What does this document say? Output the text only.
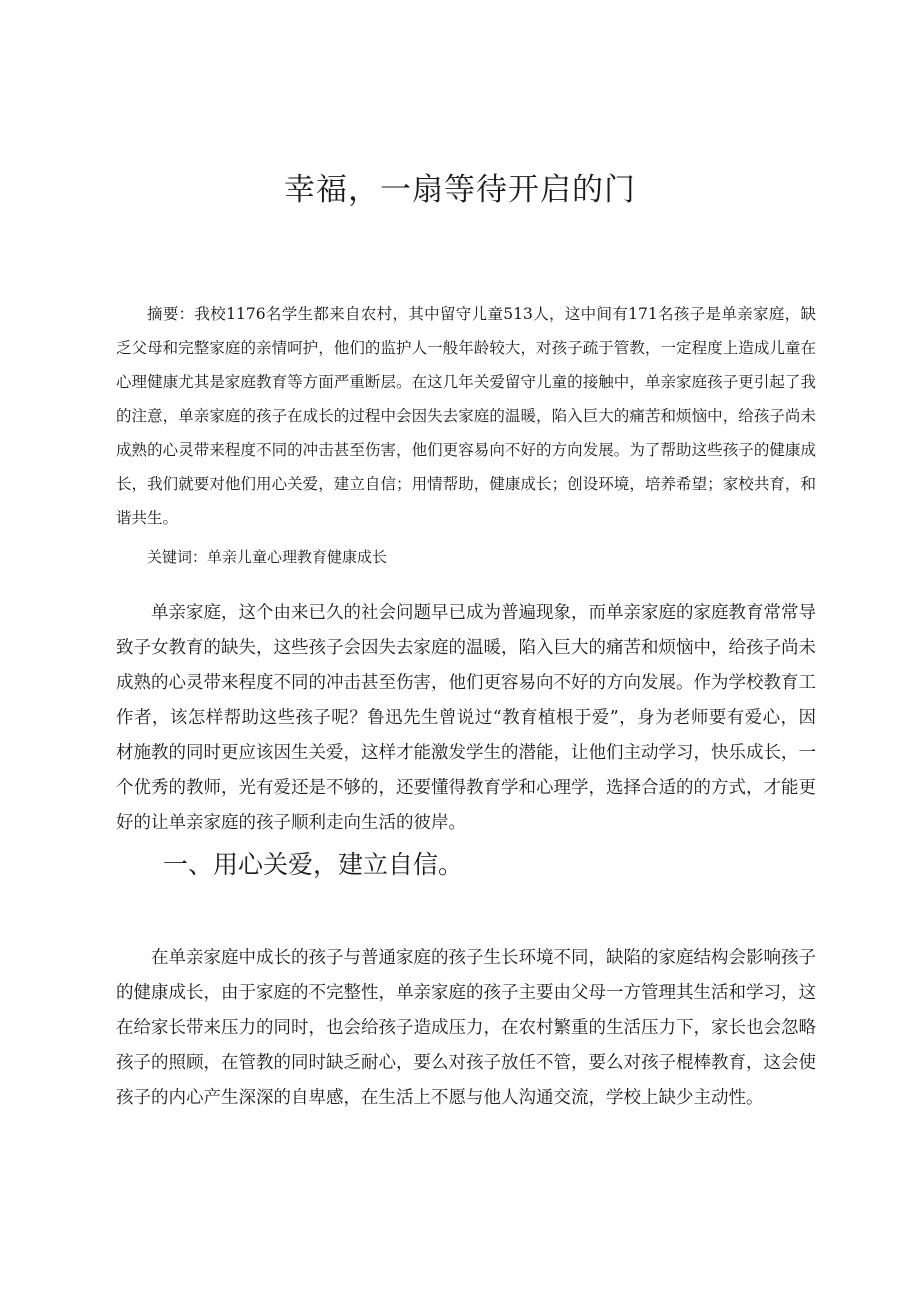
幸福，一扇等待开启的门

摘要：我校1176名学生都来自农村，其中留守儿童513人，这中间有171名孩子是单亲家庭，缺乏父母和完整家庭的亲情呵护，他们的监护人一般年龄较大，对孩子疏于管教，一定程度上造成儿童在心理健康尤其是家庭教育等方面严重断层。在这几年关爱留守儿童的接触中，单亲家庭孩子更引起了我的注意，单亲家庭的孩子在成长的过程中会因失去家庭的温暖，陷入巨大的痛苦和烦恼中，给孩子尚未成熟的心灵带来程度不同的冲击甚至伤害，他们更容易向不好的方向发展。为了帮助这些孩子的健康成长，我们就要对他们用心关爱，建立自信；用情帮助，健康成长；创设环境，培养希望；家校共育，和谐共生。

关键词：单亲儿童心理教育健康成长

单亲家庭，这个由来已久的社会问题早已成为普遍现象，而单亲家庭的家庭教育常常导致子女教育的缺失，这些孩子会因失去家庭的温暖，陷入巨大的痛苦和烦恼中，给孩子尚未成熟的心灵带来程度不同的冲击甚至伤害，他们更容易向不好的方向发展。作为学校教育工作者，该怎样帮助这些孩子呢？鲁迅先生曾说过“教育植根于爱”，身为老师要有爱心，因材施教的同时更应该因生关爱，这样才能激发学生的潜能，让他们主动学习，快乐成长，一个优秀的教师，光有爱还是不够的，还要懂得教育学和心理学，选择合适的的方式，才能更好的让单亲家庭的孩子顺利走向生活的彼岸。

一、用心关爱，建立自信。

在单亲家庭中成长的孩子与普通家庭的孩子生长环境不同，缺陷的家庭结构会影响孩子的健康成长，由于家庭的不完整性，单亲家庭的孩子主要由父母一方管理其生活和学习，这在给家长带来压力的同时，也会给孩子造成压力，在农村繁重的生活压力下，家长也会忽略孩子的照顾，在管教的同时缺乏耐心，要么对孩子放任不管，要么对孩子棍棒教育，这会使孩子的内心产生深深的自卑感，在生活上不愿与他人沟通交流，学校上缺少主动性。
